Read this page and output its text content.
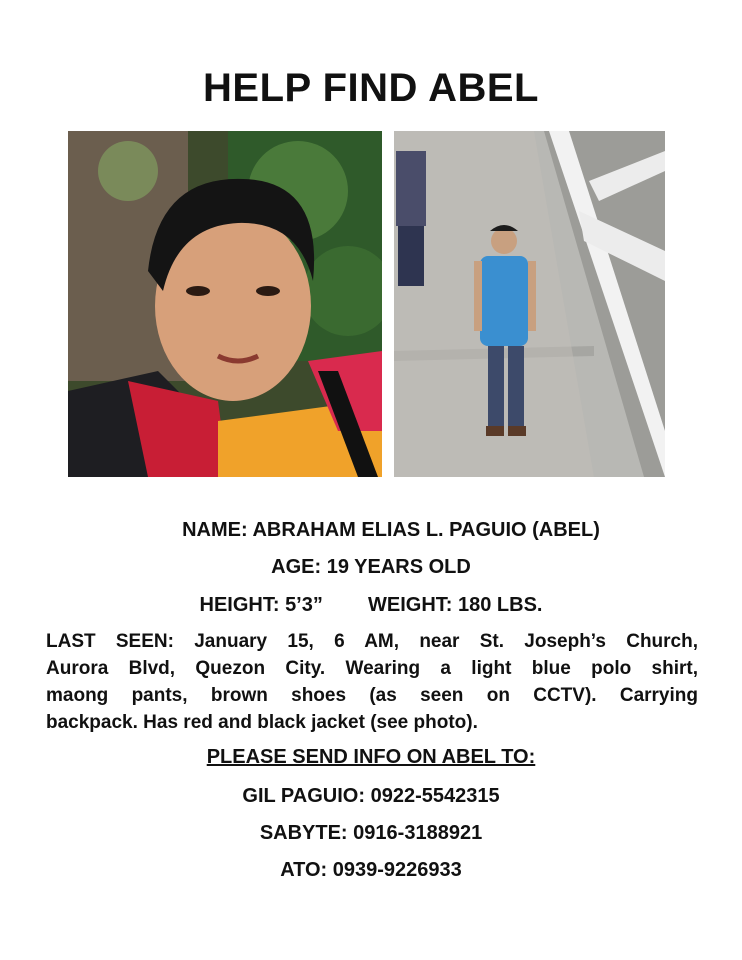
HELP FIND ABEL
NAME: ABRAHAM ELIAS L. PAGUIO (ABEL)
AGE: 19 YEARS OLD
HEIGHT: 5’3” WEIGHT: 180 LBS.
LAST SEEN: January 15, 6 AM, near St. Joseph’s Church,
Aurora Blvd, Quezon City. Wearing a light blue polo shirt,
maong pants, brown shoes (as seen on CCTV). Carrying
backpack. Has red and black jacket (see photo).
PLEASE SEND INFO ON ABEL TO:
GIL PAGUIO: 0922-5542315
SABYTE: 0916-3188921
ATO: 0939-9226933
